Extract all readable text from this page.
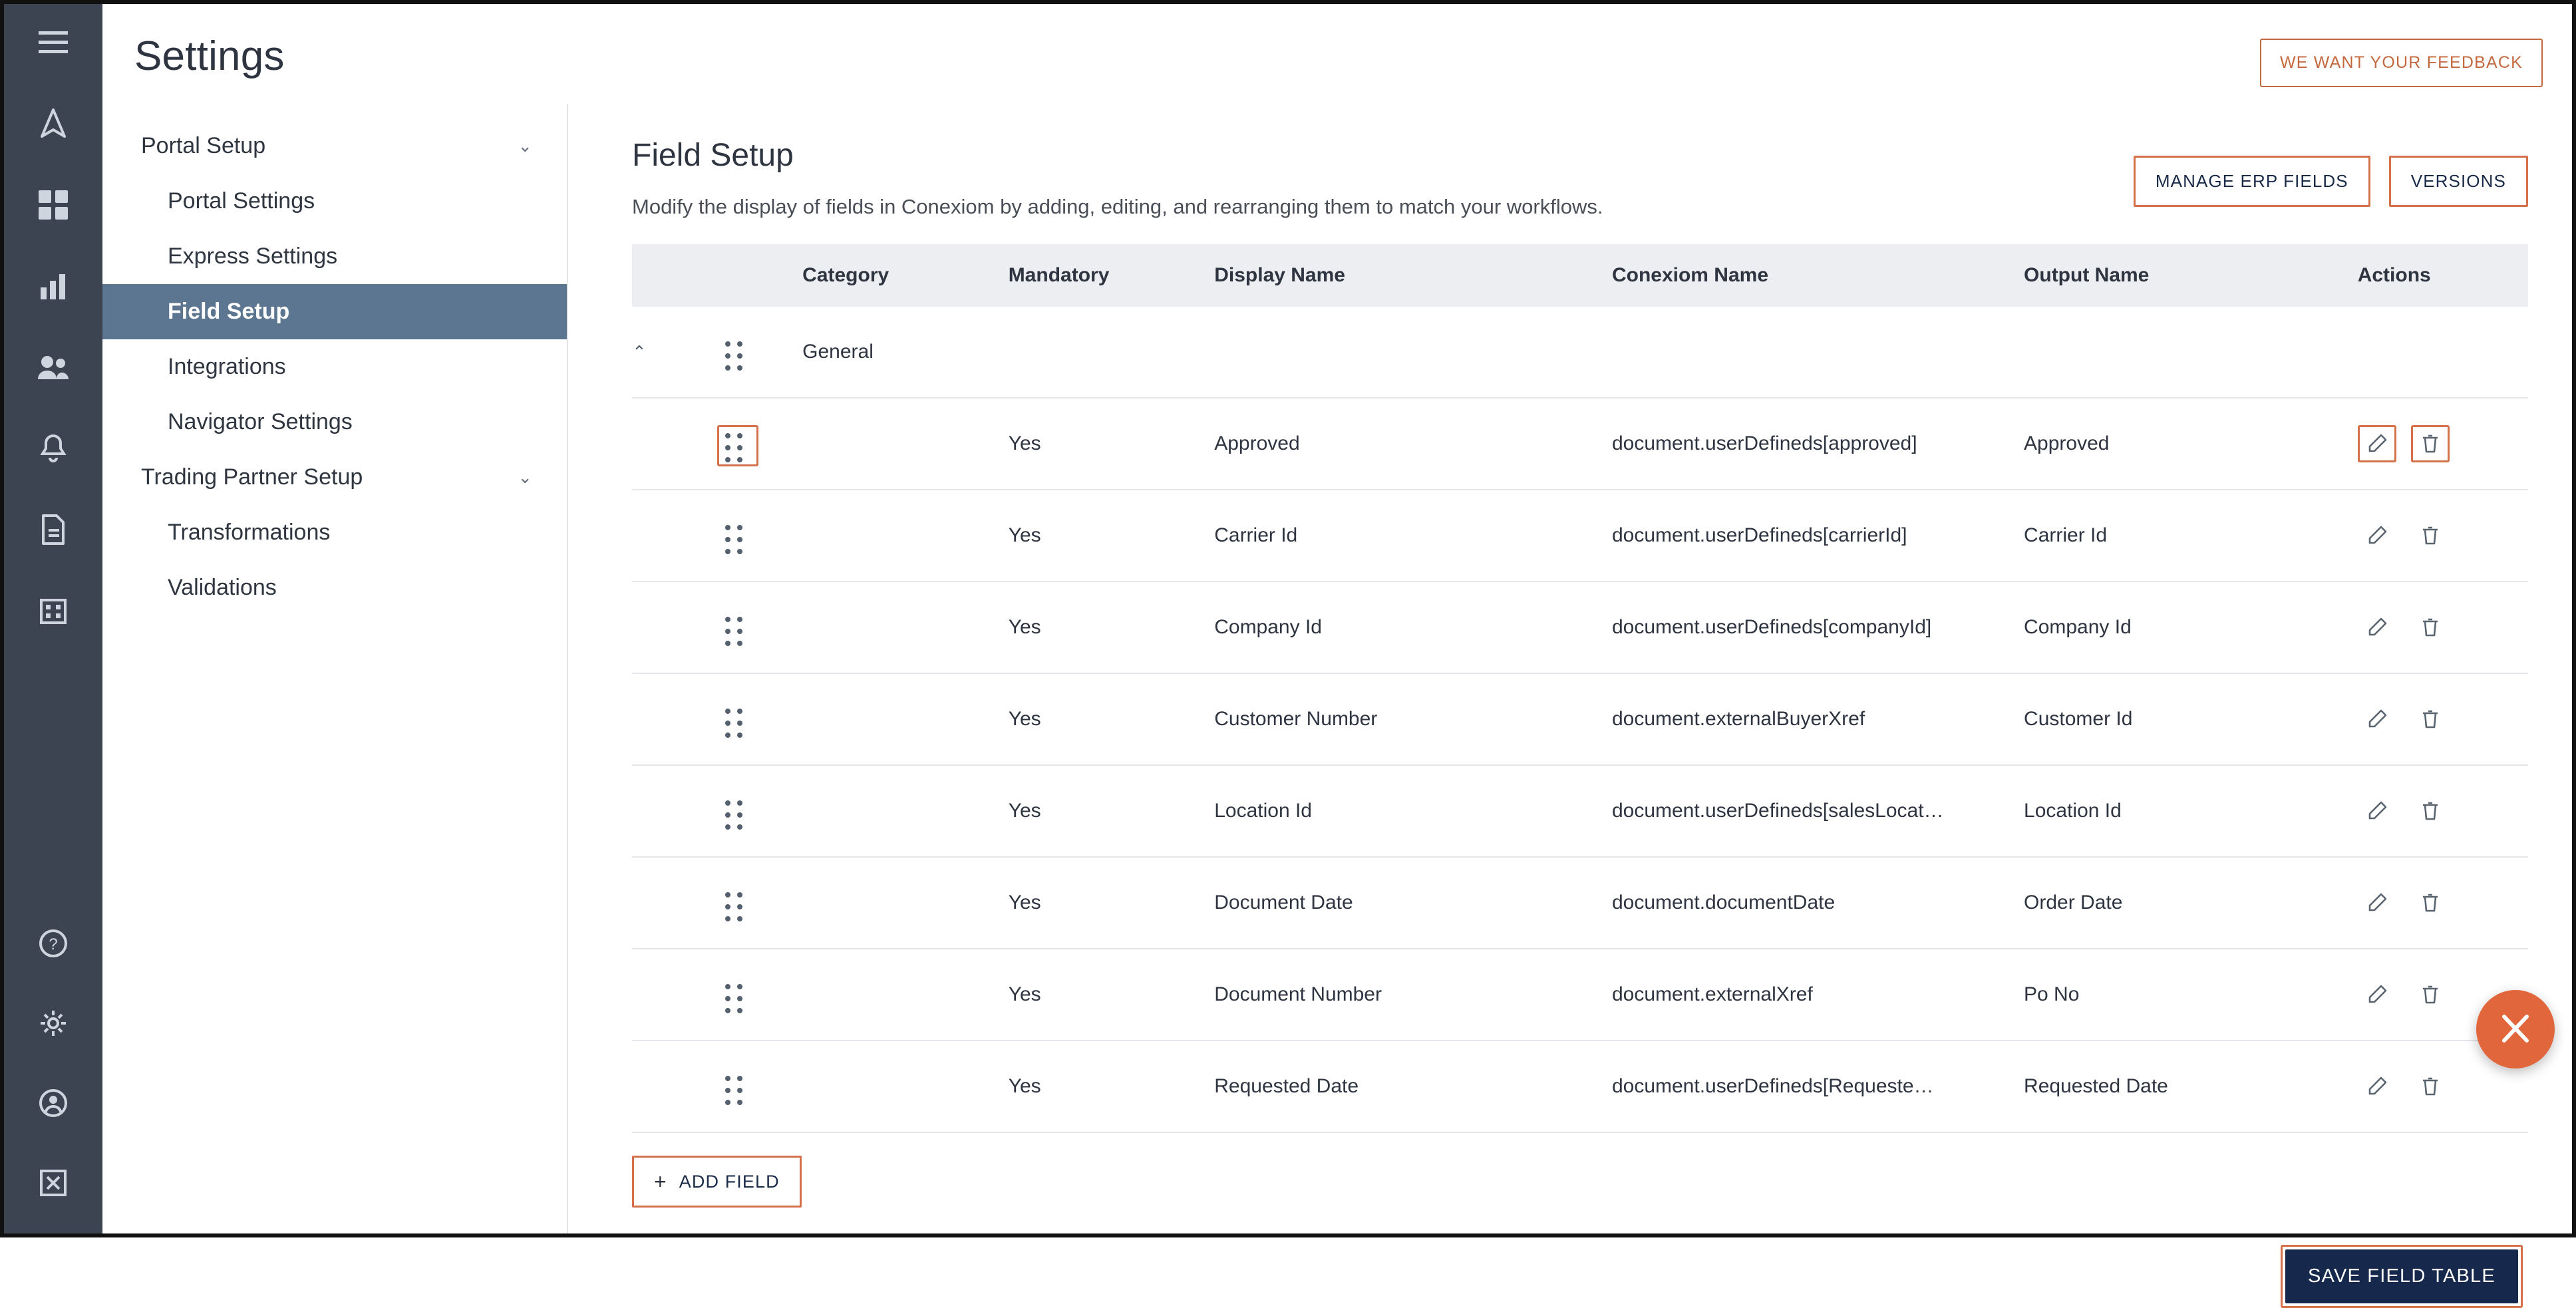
?
Settings	WE WANT YOUR FEEDBACK
Portal Setup	⌄
Portal Settings
Express Settings
Field Setup
Integrations
Navigator Settings
Trading Partner Setup	⌄
Transformations
Validations
Field Setup
Modify the display of fields in Conexiom by adding, editing, and rearranging them to match your workflows.
MANAGE ERP FIELDS	VERSIONS
		Category	Mandatory	Display Name	Conexiom Name	Output Name	Actions
⌃		General					

		Yes	Approved	document.userDefineds[approved]	Approved	

		Yes	Carrier Id	document.userDefineds[carrierId]	Carrier Id	

		Yes	Company Id	document.userDefineds[companyId]	Company Id	

		Yes	Customer Number	document.externalBuyerXref	Customer Id	

		Yes	Location Id	document.userDefineds[salesLocat…	Location Id	

		Yes	Document Date	document.documentDate	Order Date	

		Yes	Document Number	document.externalXref	Po No	

		Yes	Requested Date	document.userDefineds[Requeste…	Requested Date	
+ ADD FIELD
SAVE FIELD TABLE
